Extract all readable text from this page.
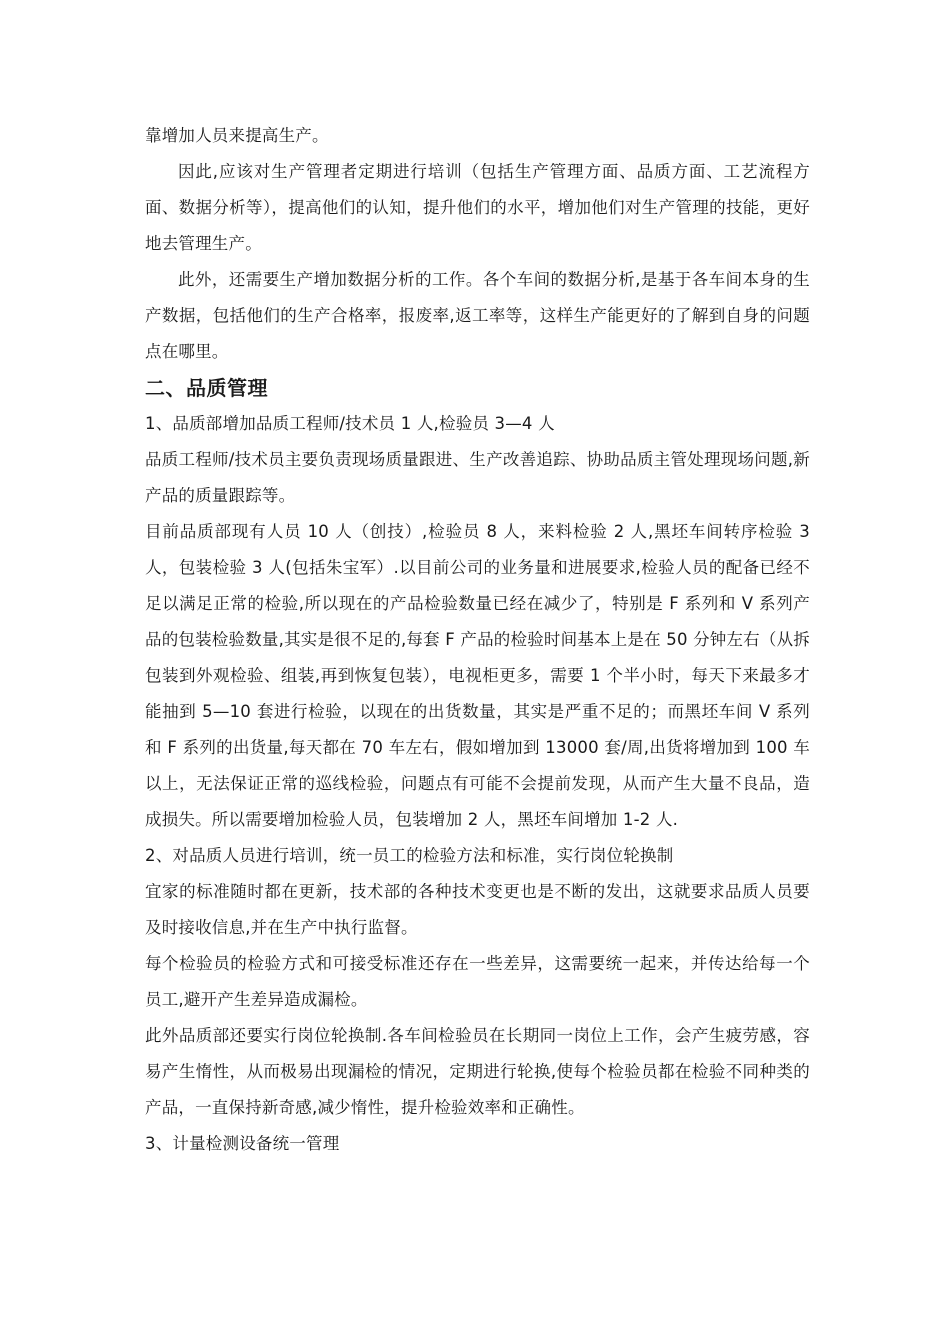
靠增加人员来提高生产。

因此,应该对生产管理者定期进行培训（包括生产管理方面、品质方面、工艺流程方面、数据分析等），提高他们的认知，提升他们的水平，增加他们对生产管理的技能，更好地去管理生产。

此外，还需要生产增加数据分析的工作。各个车间的数据分析,是基于各车间本身的生产数据，包括他们的生产合格率，报废率,返工率等，这样生产能更好的了解到自身的问题点在哪里。

二、品质管理

1、品质部增加品质工程师/技术员 1 人,检验员 3—4 人

品质工程师/技术员主要负责现场质量跟进、生产改善追踪、协助品质主管处理现场问题,新产品的质量跟踪等。

目前品质部现有人员 10 人（创技）,检验员 8 人，来料检验 2 人,黑坯车间转序检验 3 人，包装检验 3 人(包括朱宝军）.以目前公司的业务量和进展要求,检验人员的配备已经不足以满足正常的检验,所以现在的产品检验数量已经在减少了，特别是 F 系列和 V 系列产品的包装检验数量,其实是很不足的,每套 F 产品的检验时间基本上是在 50 分钟左右（从拆包装到外观检验、组装,再到恢复包装），电视柜更多，需要 1 个半小时，每天下来最多才能抽到 5—10 套进行检验，以现在的出货数量，其实是严重不足的；而黑坯车间 V 系列和 F 系列的出货量,每天都在 70 车左右，假如增加到 13000 套/周,出货将增加到 100 车以上，无法保证正常的巡线检验，问题点有可能不会提前发现，从而产生大量不良品，造成损失。所以需要增加检验人员，包装增加 2 人，黑坯车间增加 1-2 人.

2、对品质人员进行培训，统一员工的检验方法和标准，实行岗位轮换制

宜家的标准随时都在更新，技术部的各种技术变更也是不断的发出，这就要求品质人员要及时接收信息,并在生产中执行监督。

每个检验员的检验方式和可接受标准还存在一些差异，这需要统一起来，并传达给每一个员工,避开产生差异造成漏检。

此外品质部还要实行岗位轮换制.各车间检验员在长期同一岗位上工作，会产生疲劳感，容易产生惰性，从而极易出现漏检的情况，定期进行轮换,使每个检验员都在检验不同种类的产品，一直保持新奇感,减少惰性，提升检验效率和正确性。

3、计量检测设备统一管理
